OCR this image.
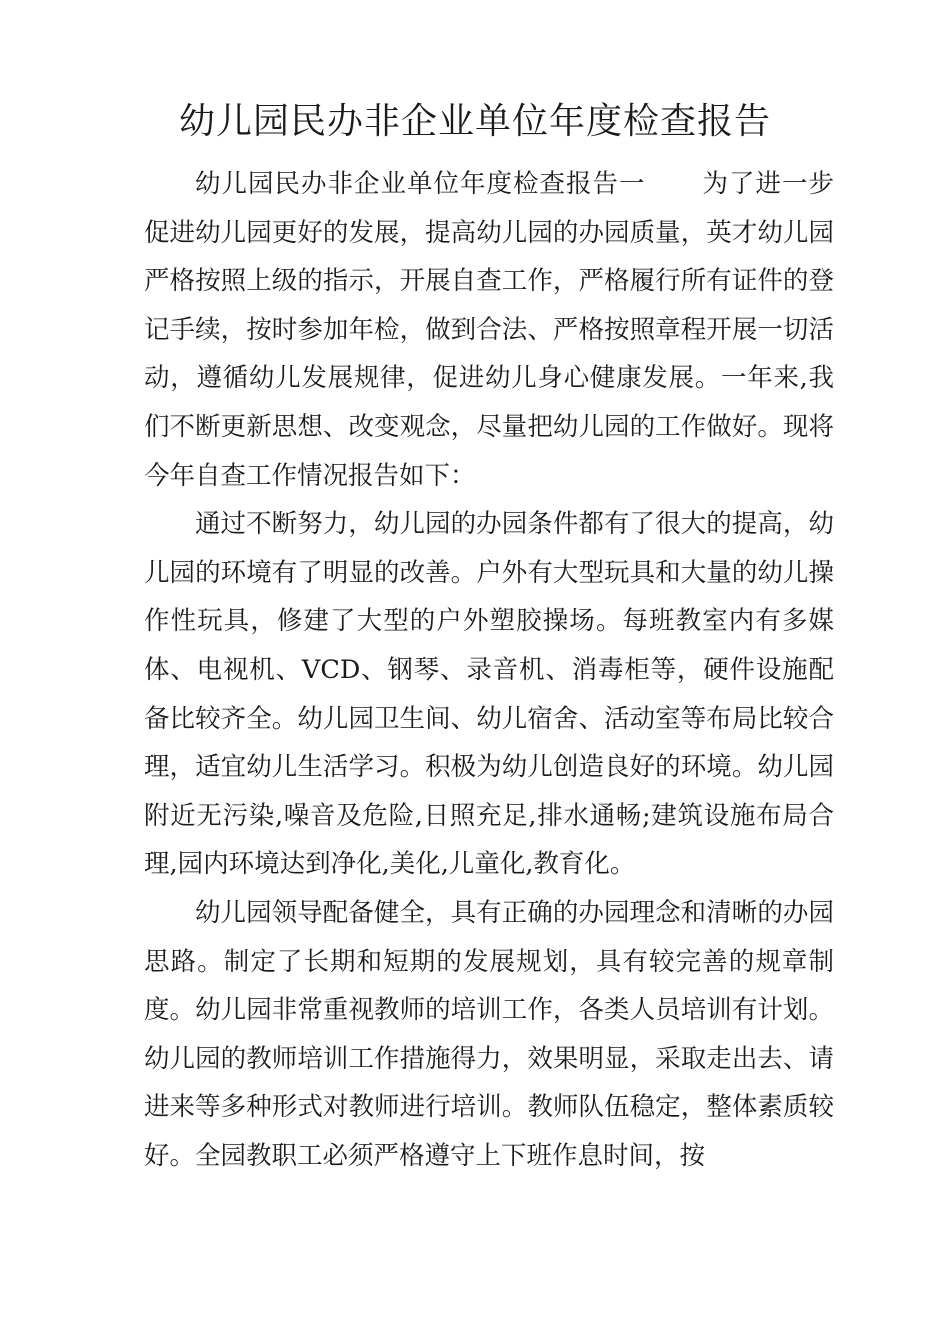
幼儿园民办非企业单位年度检查报告

幼儿园民办非企业单位年度检查报告一 为了进一步促进幼儿园更好的发展，提高幼儿园的办园质量，英才幼儿园严格按照上级的指示，开展自查工作，严格履行所有证件的登记手续，按时参加年检，做到合法、严格按照章程开展一切活动，遵循幼儿发展规律，促进幼儿身心健康发展。一年来,我们不断更新思想、改变观念，尽量把幼儿园的工作做好。现将今年自查工作情况报告如下：

通过不断努力，幼儿园的办园条件都有了很大的提高，幼儿园的环境有了明显的改善。户外有大型玩具和大量的幼儿操作性玩具，修建了大型的户外塑胶操场。每班教室内有多媒体、电视机、VCD、钢琴、录音机、消毒柜等，硬件设施配备比较齐全。幼儿园卫生间、幼儿宿舍、活动室等布局比较合理，适宜幼儿生活学习。积极为幼儿创造良好的环境。幼儿园附近无污染,噪音及危险,日照充足,排水通畅;建筑设施布局合理,园内环境达到净化,美化,儿童化,教育化。

幼儿园领导配备健全，具有正确的办园理念和清晰的办园思路。制定了长期和短期的发展规划，具有较完善的规章制度。幼儿园非常重视教师的培训工作，各类人员培训有计划。幼儿园的教师培训工作措施得力，效果明显，采取走出去、请进来等多种形式对教师进行培训。教师队伍稳定，整体素质较好。全园教职工必须严格遵守上下班作息时间，按
